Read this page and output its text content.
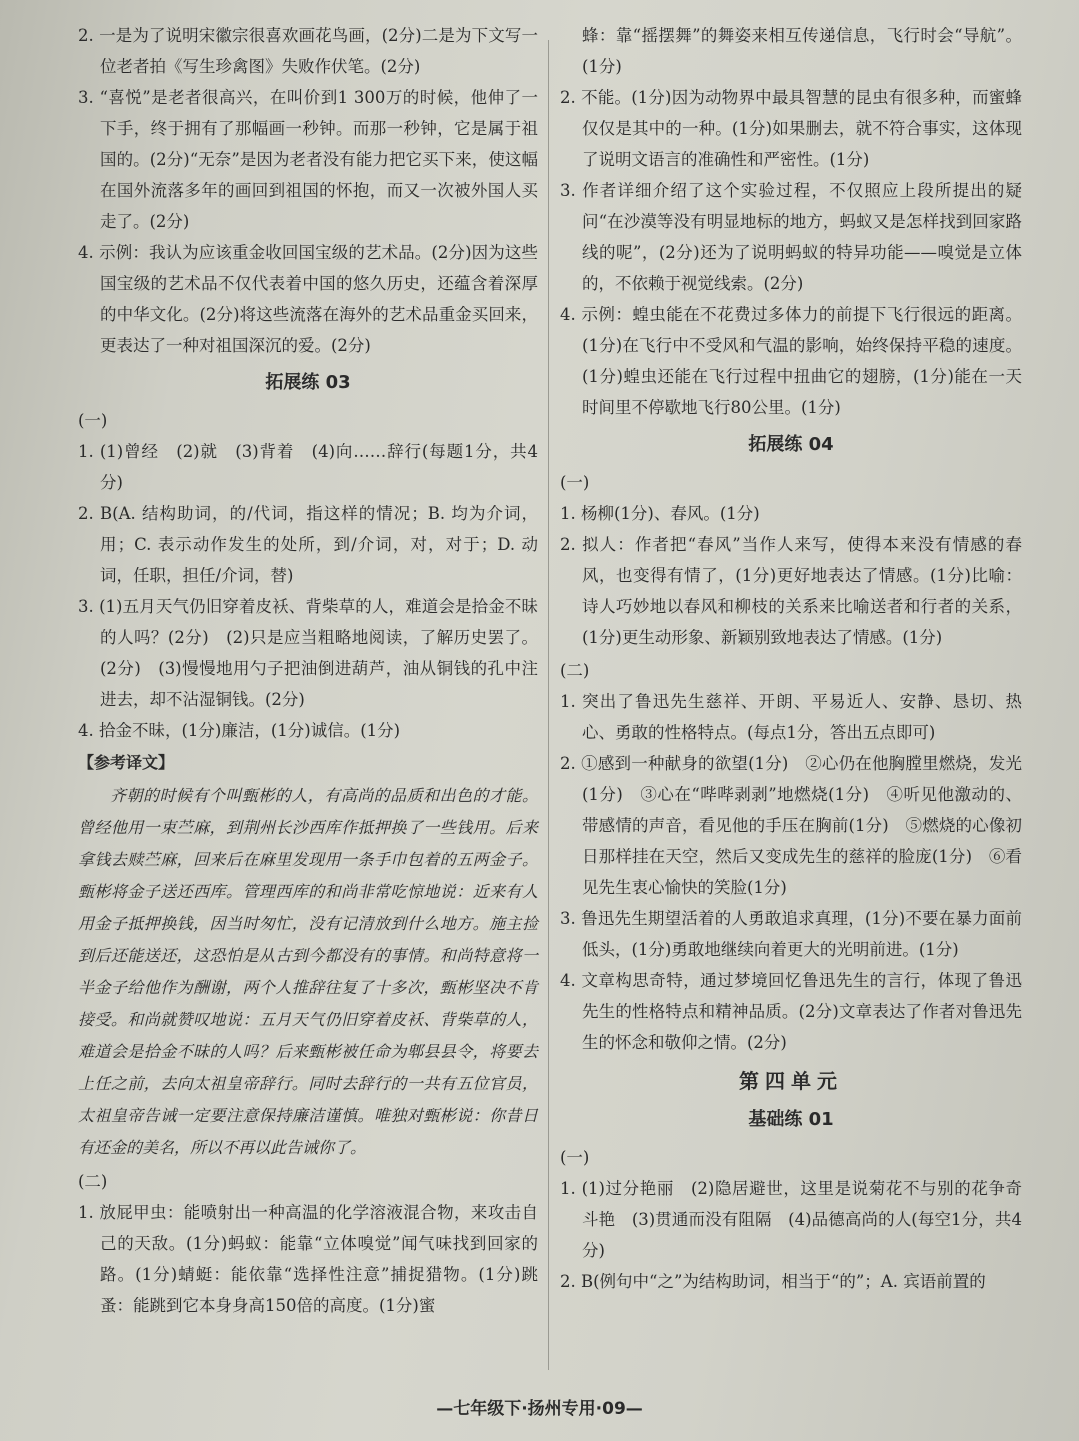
2. 一是为了说明宋徽宗很喜欢画花鸟画，(2分)二是为下文写一位老者拍《写生珍禽图》失败作伏笔。(2分)

3. “喜悦”是老者很高兴，在叫价到1 300万的时候，他伸了一下手，终于拥有了那幅画一秒钟。而那一秒钟，它是属于祖国的。(2分)“无奈”是因为老者没有能力把它买下来，使这幅在国外流落多年的画回到祖国的怀抱，而又一次被外国人买走了。(2分)

4. 示例：我认为应该重金收回国宝级的艺术品。(2分)因为这些国宝级的艺术品不仅代表着中国的悠久历史，还蕴含着深厚的中华文化。(2分)将这些流落在海外的艺术品重金买回来，更表达了一种对祖国深沉的爱。(2分)

拓展练 03
(一)

1. (1)曾经　(2)就　(3)背着　(4)向……辞行(每题1分，共4分)

2. B(A. 结构助词，的/代词，指这样的情况；B. 均为介词，用；C. 表示动作发生的处所，到/介词，对，对于；D. 动词，任职，担任/介词，替)

3. (1)五月天气仍旧穿着皮袄、背柴草的人，难道会是拾金不昧的人吗？(2分)　(2)只是应当粗略地阅读，了解历史罢了。(2分)　(3)慢慢地用勺子把油倒进葫芦，油从铜钱的孔中注进去，却不沾湿铜钱。(2分)

4. 拾金不昧，(1分)廉洁，(1分)诚信。(1分)

【参考译文】

齐朝的时候有个叫甄彬的人，有高尚的品质和出色的才能。曾经他用一束苎麻，到荆州长沙西库作抵押换了一些钱用。后来拿钱去赎苎麻，回来后在麻里发现用一条手巾包着的五两金子。甄彬将金子送还西库。管理西库的和尚非常吃惊地说：近来有人用金子抵押换钱，因当时匆忙，没有记清放到什么地方。施主捡到后还能送还，这恐怕是从古到今都没有的事情。和尚特意将一半金子给他作为酬谢，两个人推辞往复了十多次，甄彬坚决不肯接受。和尚就赞叹地说：五月天气仍旧穿着皮袄、背柴草的人，难道会是拾金不昧的人吗？后来甄彬被任命为郫县县令，将要去上任之前，去向太祖皇帝辞行。同时去辞行的一共有五位官员，太祖皇帝告诫一定要注意保持廉洁谨慎。唯独对甄彬说：你昔日有还金的美名，所以不再以此告诫你了。

(二)

1. 放屁甲虫：能喷射出一种高温的化学溶液混合物，来攻击自己的天敌。(1分)蚂蚁：能靠“立体嗅觉”闻气味找到回家的路。(1分)蜻蜓：能依靠“选择性注意”捕捉猎物。(1分)跳蚤：能跳到它本身身高150倍的高度。(1分)蜜

蜂：靠“摇摆舞”的舞姿来相互传递信息，飞行时会“导航”。(1分)

2. 不能。(1分)因为动物界中最具智慧的昆虫有很多种，而蜜蜂仅仅是其中的一种。(1分)如果删去，就不符合事实，这体现了说明文语言的准确性和严密性。(1分)

3. 作者详细介绍了这个实验过程，不仅照应上段所提出的疑问“在沙漠等没有明显地标的地方，蚂蚁又是怎样找到回家路线的呢”，(2分)还为了说明蚂蚁的特异功能——嗅觉是立体的，不依赖于视觉线索。(2分)

4. 示例：蝗虫能在不花费过多体力的前提下飞行很远的距离。(1分)在飞行中不受风和气温的影响，始终保持平稳的速度。(1分)蝗虫还能在飞行过程中扭曲它的翅膀，(1分)能在一天时间里不停歇地飞行80公里。(1分)

拓展练 04
(一)

1. 杨柳(1分)、春风。(1分)

2. 拟人：作者把“春风”当作人来写，使得本来没有情感的春风，也变得有情了，(1分)更好地表达了情感。(1分)比喻：诗人巧妙地以春风和柳枝的关系来比喻送者和行者的关系，(1分)更生动形象、新颖别致地表达了情感。(1分)

(二)

1. 突出了鲁迅先生慈祥、开朗、平易近人、安静、恳切、热心、勇敢的性格特点。(每点1分，答出五点即可)

2. ①感到一种献身的欲望(1分)　②心仍在他胸膛里燃烧，发光(1分)　③心在“哔哔剥剥”地燃烧(1分)　④听见他激动的、带感情的声音，看见他的手压在胸前(1分)　⑤燃烧的心像初日那样挂在天空，然后又变成先生的慈祥的脸庞(1分)　⑥看见先生衷心愉快的笑脸(1分)

3. 鲁迅先生期望活着的人勇敢追求真理，(1分)不要在暴力面前低头，(1分)勇敢地继续向着更大的光明前进。(1分)

4. 文章构思奇特，通过梦境回忆鲁迅先生的言行，体现了鲁迅先生的性格特点和精神品质。(2分)文章表达了作者对鲁迅先生的怀念和敬仰之情。(2分)

第四单元
基础练 01
(一)

1. (1)过分艳丽　(2)隐居避世，这里是说菊花不与别的花争奇斗艳　(3)贯通而没有阻隔　(4)品德高尚的人(每空1分，共4分)

2. B(例句中“之”为结构助词，相当于“的”；A. 宾语前置的

—七年级下·扬州专用·09—
